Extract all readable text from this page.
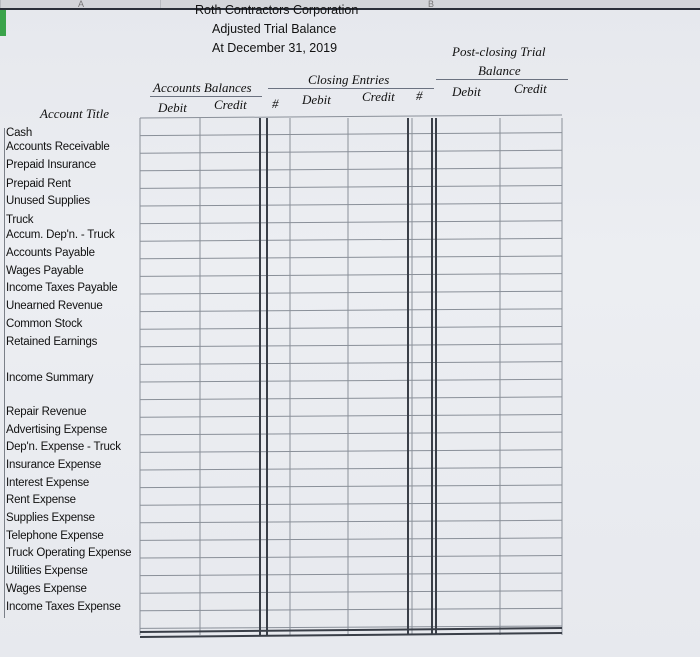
A	B
Roth Contractors Corporation
Adjusted Trial Balance
At December 31, 2019
Accounts Balances
Debit Credit #
Closing Entries
Debit Credit #
Post-closing Trial
Balance
Debit	Credit
Account Title
Cash
Accounts Receivable
Prepaid Insurance
Prepaid Rent
Unused Supplies
Truck
Accum. Dep'n. - Truck
Accounts Payable
Wages Payable
Income Taxes Payable
Unearned Revenue
Common Stock
Retained Earnings
Income Summary
Repair Revenue
Advertising Expense
Dep'n. Expense - Truck
Insurance Expense
Interest Expense
Rent Expense
Supplies Expense
Telephone Expense
Truck Operating Expense
Utilities Expense
Wages Expense
Income Taxes Expense
